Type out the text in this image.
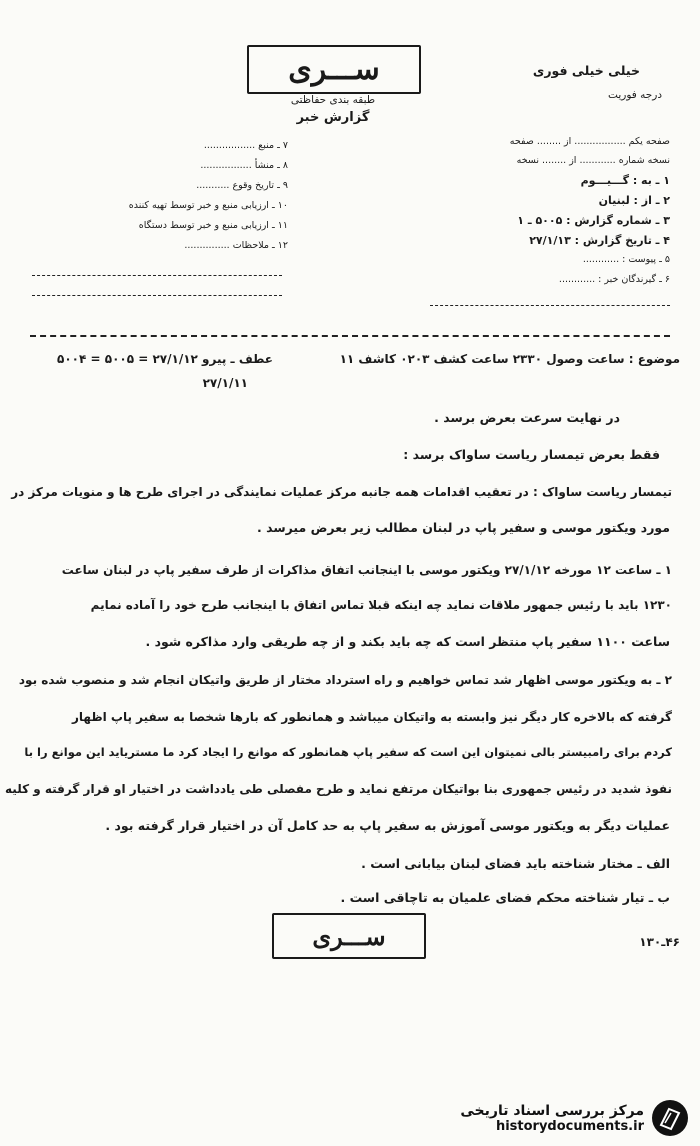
ســـری
طبقه بندی حفاظتی
گزارش خبر
خیلی خیلی فوری
درجه فوریت
صفحه یکم ................. از ........ صفحه
نسخه شماره ............ از ........ نسخه
۱ ـ به : گـــیـــوم
۲ ـ از : لبنیان
۳ ـ شماره گزارش : ۵۰۰۵ ـ ۱
۴ ـ تاریخ گزارش : ۲۷/۱/۱۳
۵ ـ پیوست : ............
۶ ـ گیرندگان خبر : ............
۷ ـ منبع .................
۸ ـ منشأ .................
۹ ـ تاریخ وقوع ...........
۱۰ ـ ارزیابی منبع و خبر توسط تهیه کننده
۱۱ ـ ارزیابی منبع و خبر توسط دستگاه
۱۲ ـ ملاحظات ...............
موضوع : ساعت وصول ۲۳۳۰ ساعت کشف ۰۲۰۳ کاشف ۱۱
عطف ـ پیرو ۲۷/۱/۱۲ = ۵۰۰۵ = ۵۰۰۴
۲۷/۱/۱۱
در نهایت سرعت بعرض برسد .
فقط بعرض تیمسار ریاست ساواک برسد :
تیمسار ریاست ساواک : در تعقیب اقدامات همه جانبه مرکز عملیات نمایندگی در اجرای طرح ها و منویات مرکز در
مورد ویکتور موسی و سفیر پاپ در لبنان مطالب زیر بعرض میرسد .
۱ ـ ساعت ۱۲ مورخه ۲۷/۱/۱۲ ویکتور موسی با اینجانب اتفاق مذاکرات از طرف سفیر پاپ در لبنان ساعت
۱۲۳۰ باید با رئیس جمهور ملاقات نماید چه اینکه قبلا تماس اتفاق با اینجانب طرح خود را آماده نمایم
ساعت ۱۱۰۰ سفیر پاپ منتظر است که چه باید بکند و از چه طریقی وارد مذاکره شود .
۲ ـ به ویکتور موسی اظهار شد تماس خواهیم و راه استرداد مختار از طریق واتیکان انجام شد و منصوب شده بود
گرفته که بالاخره کار دیگر نیز وابسته به واتیکان میباشد و همانطور که بارها شخصا به سفیر پاپ اظهار
کردم برای رامبیستر بالی نمیتوان این است که سفیر پاپ همانطور که موانع را ایجاد کرد ما مستریاید این موانع را با
نفوذ شدید در رئیس جمهوری بنا بواتیکان مرتفع نماید و طرح مفصلی طی یادداشت در اختیار او قرار گرفته و کلیه
عملیات دیگر به ویکتور موسی آموزش به سفیر پاپ به حد کامل آن در اختیار قرار گرفته بود .
الف ـ مختار شناخته باید فضای لبنان بیابانی است .
ب ـ تیار شناخته محکم فضای علمیان به تاچاقی است .
ســـری	۴۶ـ۱۳۰
مرکز بررسی اسناد تاریخی
historydocuments.ir
